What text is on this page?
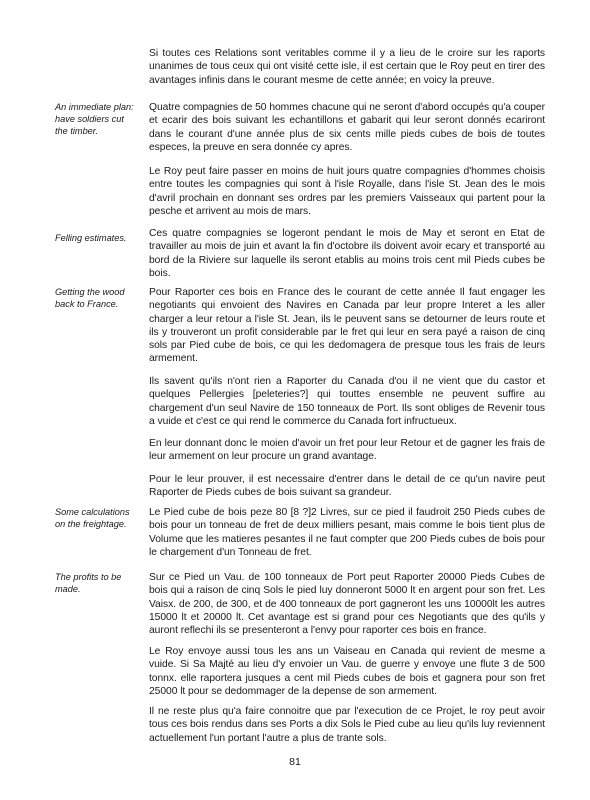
An immediate plan: have soldiers cut the timber.
Felling estimates.
Getting the wood back to France.
Some calculations on the freightage.
The profits to be made.

Si toutes ces Relations sont veritables comme il y a lieu de le croire sur les raports unanimes de tous ceux qui ont visité cette isle, il est certain que le Roy peut en tirer des avantages infinis dans le courant mesme de cette année; en voicy la preuve.

Quatre compagnies de 50 hommes chacune qui ne seront d'abord occupés qu'a couper et ecarir des bois suivant les echantillons et gabarit qui leur seront donnés ecariront dans le courant d'une année plus de six cents mille pieds cubes de bois de toutes especes, la preuve en sera donnée cy apres.

Le Roy peut faire passer en moins de huit jours quatre compagnies d'hommes choisis entre toutes les compagnies qui sont à l'isle Royalle, dans l'isle St. Jean des le mois d'avril prochain en donnant ses ordres par les premiers Vaisseaux qui partent pour la pesche et arrivent au mois de mars.

Ces quatre compagnies se logeront pendant le mois de May et seront en Etat de travailler au mois de juin et avant la fin d'octobre ils doivent avoir ecary et transporté au bord de la Riviere sur laquelle ils seront etablis au moins trois cent mil Pieds cubes be bois.

Pour Raporter ces bois en France des le courant de cette année Il faut engager les negotiants qui envoient des Navires en Canada par leur propre Interet a les aller charger a leur retour a l'isle St. Jean, ils le peuvent sans se detourner de leurs route et ils y trouveront un profit considerable par le fret qui leur en sera payé a raison de cinq sols par Pied cube de bois, ce qui les dedomagera de presque tous les frais de leurs armement.

Ils savent qu'ils n'ont rien a Raporter du Canada d'ou il ne vient que du castor et quelques Pellergies [peleteries?] qui touttes ensemble ne peuvent suffire au chargement d'un seul Navire de 150 tonneaux de Port. Ils sont obliges de Revenir tous a vuide et c'est ce qui rend le commerce du Canada fort infructueux.

En leur donnant donc le moien d'avoir un fret pour leur Retour et de gagner les frais de leur armement on leur procure un grand avantage.

Pour le leur prouver, il est necessaire d'entrer dans le detail de ce qu'un navire peut Raporter de Pieds cubes de bois suivant sa grandeur.

Le Pied cube de bois peze 80 [8 ?]2 Livres, sur ce pied il faudroit 250 Pieds cubes de bois pour un tonneau de fret de deux milliers pesant, mais comme le bois tient plus de Volume que les matieres pesantes il ne faut compter que 200 Pieds cubes de bois pour le chargement d'un Tonneau de fret.

Sur ce Pied un Vau. de 100 tonneaux de Port peut Raporter 20000 Pieds Cubes de bois qui a raison de cinq Sols le pied luy donneront 5000 lt en argent pour son fret. Les Vaisx. de 200, de 300, et de 400 tonneaux de port gagneront les uns 10000lt les autres 15000 lt et 20000 lt. Cet avantage est si grand pour ces Negotiants que des qu'ils y auront reflechi ils se presenteront a l'envy pour raporter ces bois en france.

Le Roy envoye aussi tous les ans un Vaiseau en Canada qui revient de mesme a vuide. Si Sa Majté au lieu d'y envoier un Vau. de guerre y envoye une flute 3 de 500 tonnx. elle raportera jusques a cent mil Pieds cubes de bois et gagnera pour son fret 25000 lt pour se dedommager de la depense de son armement.

Il ne reste plus qu'a faire connoitre que par l'execution de ce Projet, le roy peut avoir tous ces bois rendus dans ses Ports a dix Sols le Pied cube au lieu qu'ils luy reviennent actuellement l'un portant l'autre a plus de trante sols.

81
